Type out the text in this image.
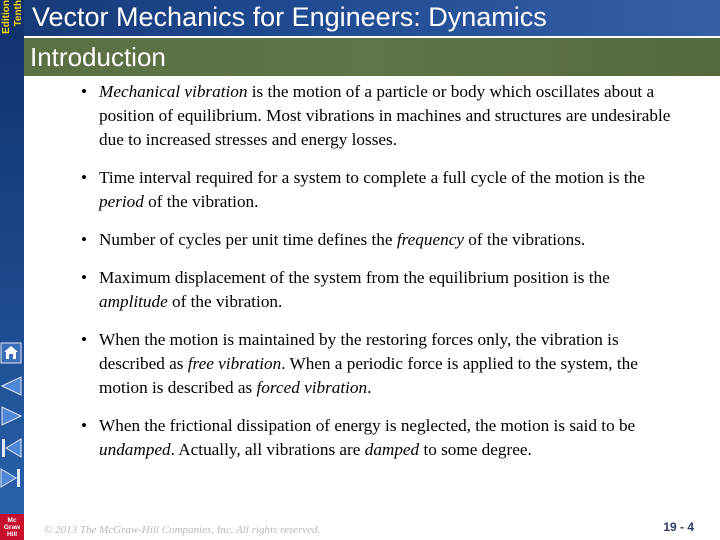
Tenth
Edition
Mc
Graw
Hill
Vector Mechanics for Engineers: Dynamics
Introduction
• Mechanical vibration is the motion of a particle or body which oscillates about a position of equilibrium. Most vibrations in machines and structures are undesirable due to increased stresses and energy losses.
• Time interval required for a system to complete a full cycle of the motion is the period of the vibration.
• Number of cycles per unit time defines the frequency of the vibrations.
• Maximum displacement of the system from the equilibrium position is the amplitude of the vibration.
• When the motion is maintained by the restoring forces only, the vibration is described as free vibration. When a periodic force is applied to the system, the motion is described as forced vibration.
• When the frictional dissipation of energy is neglected, the motion is said to be undamped. Actually, all vibrations are damped to some degree.

© 2013 The McGraw-Hill Companies, Inc. All rights reserved.	19 - 4
